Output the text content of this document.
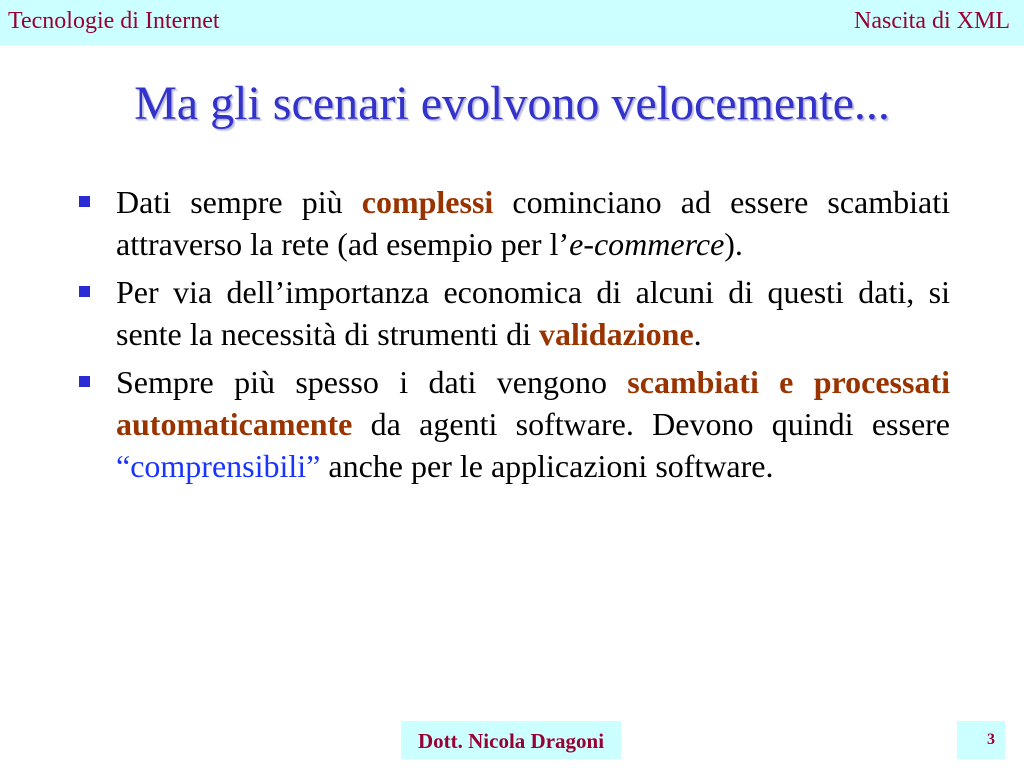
Tecnologie di Internet	Nascita di XML
Ma gli scenari evolvono velocemente...
Dati sempre più complessi cominciano ad essere scambiati attraverso la rete (ad esempio per l’e-commerce).
Per via dell’importanza economica di alcuni di questi dati, si sente la necessità di strumenti di validazione.
Sempre più spesso i dati vengono scambiati e processati automaticamente da agenti software. Devono quindi essere “comprensibili” anche per le applicazioni software.
Dott. Nicola Dragoni	3
